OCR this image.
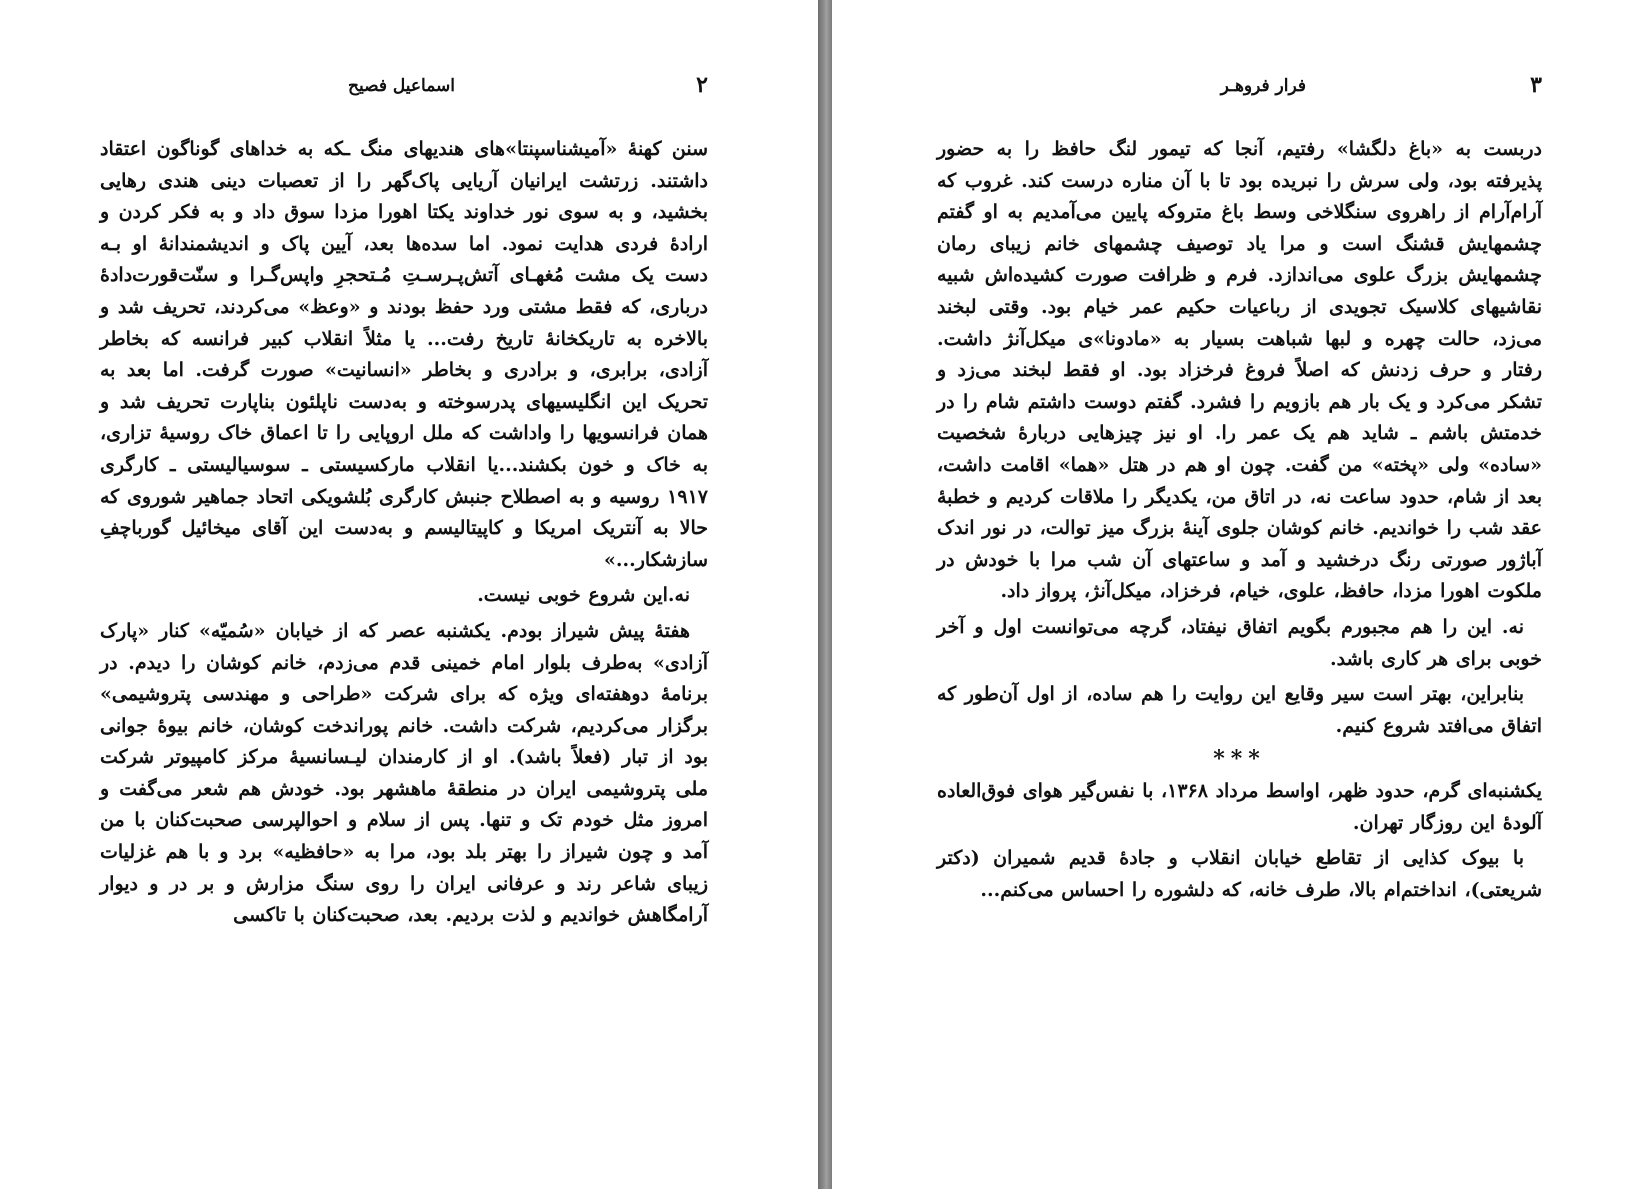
۲
اسماعیل فصیح

سنن کهنهٔ «آمیشناسپنتا»های هندیهای منگ ـکه به خداهای گوناگون اعتقاد داشتند. زرتشت ایرانیان آریایی پاک‌گهر را از تعصبات دینی هندی رهایی بخشید، و به سوی نور خداوند یکتا اهورا مزدا سوق داد و به فکر کردن و ارادهٔ فردی هدایت نمود. اما سده‌ها بعد، آیین پاک و اندیشمندانهٔ او بـه دست یک مشت مُغهـای آتش‌پـرسـتِ مُـتحجرِ واپس‌گـرا و سنّت‌قورت‌دادهٔ درباری، که فقط مشتی ورد حفظ بودند و «وعظ» می‌کردند، تحریف شد و بالاخره به تاریکخانهٔ تاریخ رفت... یا مثلاً انقلاب کبیر فرانسه که بخاطر آزادی، برابری، و برادری و بخاطر «انسانیت» صورت گرفت. اما بعد به تحریک این انگلیسیهای پدرسوخته و به‌دست ناپلئون بناپارت تحریف شد و همان فرانسویها را واداشت که ملل اروپایی را تا اعماق خاک روسیهٔ تزاری، به خاک و خون بکشند...یا انقلاب مارکسیستی ـ سوسیالیستی ـ کارگری ۱۹۱۷ روسیه و به اصطلاح جنبش کارگری بُلشویکی اتحاد جماهیر شوروی که حالا به آنتریک امریکا و کاپیتالیسم و به‌دست این آقای میخائیل گورباچفِ سازشکار...»

نه.این شروع خوبی نیست.

هفتهٔ پیش شیراز بودم. یکشنبه عصر که از خیابان «سُمیّه» کنار «پارک آزادی» به‌طرف بلوار امام خمینی قدم می‌زدم، خانم کوشان را دیدم. در برنامهٔ دوهفته‌ای ویژه که برای شرکت «طراحی و مهندسی پتروشیمی» برگزار می‌کردیم، شرکت داشت. خانم پوراندخت کوشان، خانم بیوهٔ جوانی بود از تبار (فعلاً باشد). او از کارمندان لیـسانسیهٔ مرکز کامپیوتر شرکت ملی پتروشیمی ایران در منطقهٔ ماهشهر بود. خودش هم شعر می‌گفت و امروز مثل خودم تک و تنها. پس از سلام و احوالپرسی صحبت‌کنان با من آمد و چون شیراز را بهتر بلد بود، مرا به «حافظیه» برد و با هم غزلیات زیبای شاعر رند و عرفانی ایران را روی سنگ مزارش و بر در و دیوار آرامگاهش خواندیم و لذت بردیم. بعد، صحبت‌کنان با تاکسی

۳
فرار فروهـر

دربست به «باغ دلگشا» رفتیم، آنجا که تیمور لنگ حافظ را به حضور پذیرفته بود، ولی سرش را نبریده بود تا با آن مناره درست کند. غروب که آرام‌آرام از راهروی سنگلاخی وسط باغ متروکه پایین می‌آمدیم به او گفتم چشمهایش قشنگ است و مرا یاد توصیف چشمهای خانم زیبای رمان چشمهایش بزرگ علوی می‌اندازد. فرم و ظرافت صورت کشیده‌اش شبیه نقاشیهای کلاسیک تجویدی از رباعیات حکیم عمر خیام بود. وقتی لبخند می‌زد، حالت چهره و لبها شباهت بسیار به «مادونا»ی میکل‌آنژ داشت. رفتار و حرف زدنش که اصلاً فروغ فرخزاد بود. او فقط لبخند می‌زد و تشکر می‌کرد و یک بار هم بازویم را فشرد. گفتم دوست داشتم شام را در خدمتش باشم ـ شاید هم یک عمر را. او نیز چیزهایی دربارهٔ شخصیت «ساده» ولی «پخته» من گفت. چون او هم در هتل «هما» اقامت داشت، بعد از شام، حدود ساعت نه، در اتاق من، یکدیگر را ملاقات کردیم و خطبهٔ عقد شب را خواندیم. خانم کوشان جلوی آینهٔ بزرگ میز توالت، در نور اندک آباژور صورتی رنگ درخشید و آمد و ساعتهای آن شب مرا با خودش در ملکوت اهورا مزدا، حافظ، علوی، خیام، فرخزاد، میکل‌آنژ، پرواز داد.

نه. این را هم مجبورم بگویم اتفاق نیفتاد، گرچه می‌توانست اول و آخر خوبی برای هر کاری باشد.

بنابراین، بهتر است سیر وقایع این روایت را هم ساده، از اول آن‌طور که اتفاق می‌افتد شروع کنیم.

***

یکشنبه‌ای گرم، حدود ظهر، اواسط مرداد ۱۳۶۸، با نفس‌گیر هوای فوق‌العاده آلودهٔ این روزگار تهران.

با بیوک کذایی از تقاطع خیابان انقلاب و جادهٔ قدیم شمیران (دکتر شریعتی)، انداختم‌ام بالا، طرف خانه، که دلشوره را احساس می‌کنم...
